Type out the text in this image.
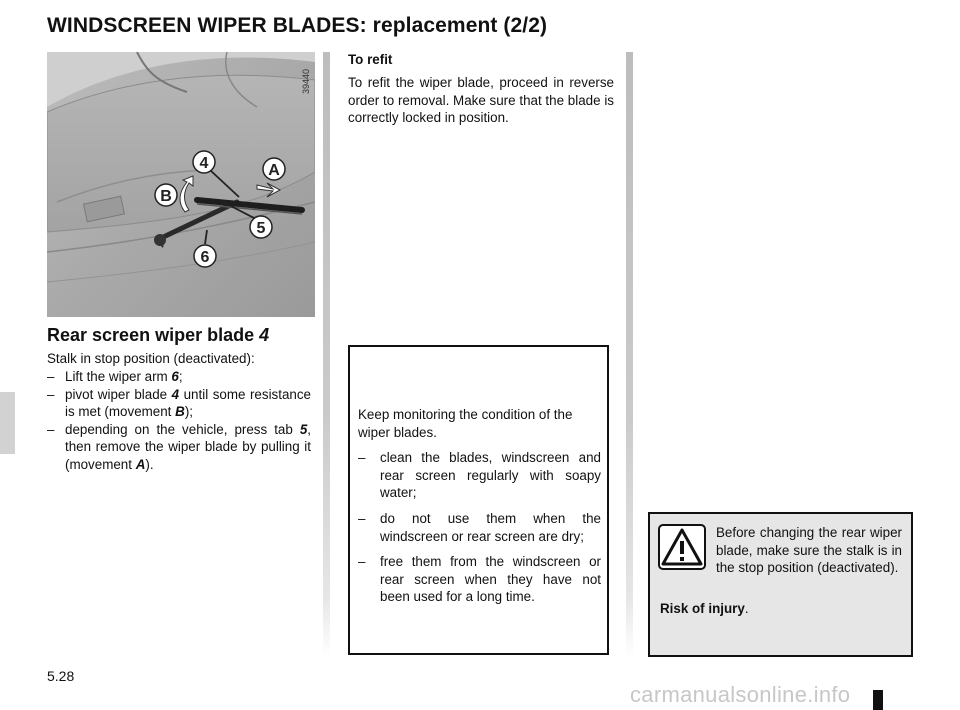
WINDSCREEN WIPER BLADES: replacement (2/2)
4	A
B
5
6
39440
Rear screen wiper blade 4
Stalk in stop position (deactivated):
– Lift the wiper arm 6;
– pivot wiper blade 4 until some resistance is met (movement B);
– depending on the vehicle, press tab 5, then remove the wiper blade by pulling it (movement A).
To refit
To refit the wiper blade, proceed in reverse order to removal. Make sure that the blade is correctly locked in position.

Keep monitoring the condition of the wiper blades.

– clean the blades, windscreen and rear screen regularly with soapy water;
– do not use them when the windscreen or rear screen are dry;
– free them from the windscreen or rear screen when they have not been used for a long time.
Before changing the rear wiper blade, make sure the stalk is in the stop position (deactivated).
Risk of injury.
5.28
carmanualsonline.info
